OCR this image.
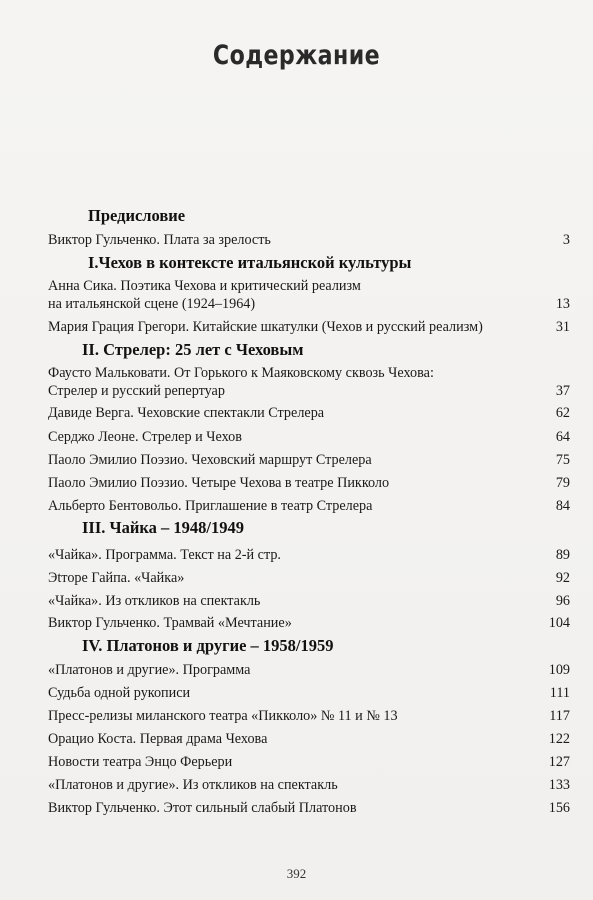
Содержание
Предисловие
Виктор Гульченко. Плата за зрелость	3
I.Чехов в контексте итальянской культуры
Анна Сика. Поэтика Чехова и критический реализм
на итальянской сцене (1924–1964)	13
Мария Грация Грегори. Китайские шкатулки (Чехов и русский реализм)	31
II. Стрелер: 25 лет с Чеховым
Фаусто Мальковати. От Горького к Маяковскому сквозь Чехова:
Стрелер и русский репертуар	37
Давиде Верга. Чеховские спектакли Стрелера	62
Серджо Леоне. Стрелер и Чехов	64
Паоло Эмилио Поэзио. Чеховский маршрут Стрелера	75
Паоло Эмилио Поэзио. Четыре Чехова в театре Пикколо	79
Альберто Бентовольо. Приглашение в театр Стрелера	84
III. Чайка – 1948/1949
«Чайка». Программа. Текст на 2-й стр.	89
Эtторе Гайпа. «Чайка»	92
«Чайка». Из откликов на спектакль	96
Виктор Гульченко. Трамвай «Мечтание»	104
IV. Платонов и другие – 1958/1959
«Платонов и другие». Программа	109
Судьба одной рукописи	111
Пресс-релизы миланского театра «Пикколо» № 11 и № 13	117
Орацио Коста. Первая драма Чехова	122
Новости театра Энцо Ферьери	127
«Платонов и другие». Из откликов на спектакль	133
Виктор Гульченко. Этот сильный слабый Платонов	156
392
